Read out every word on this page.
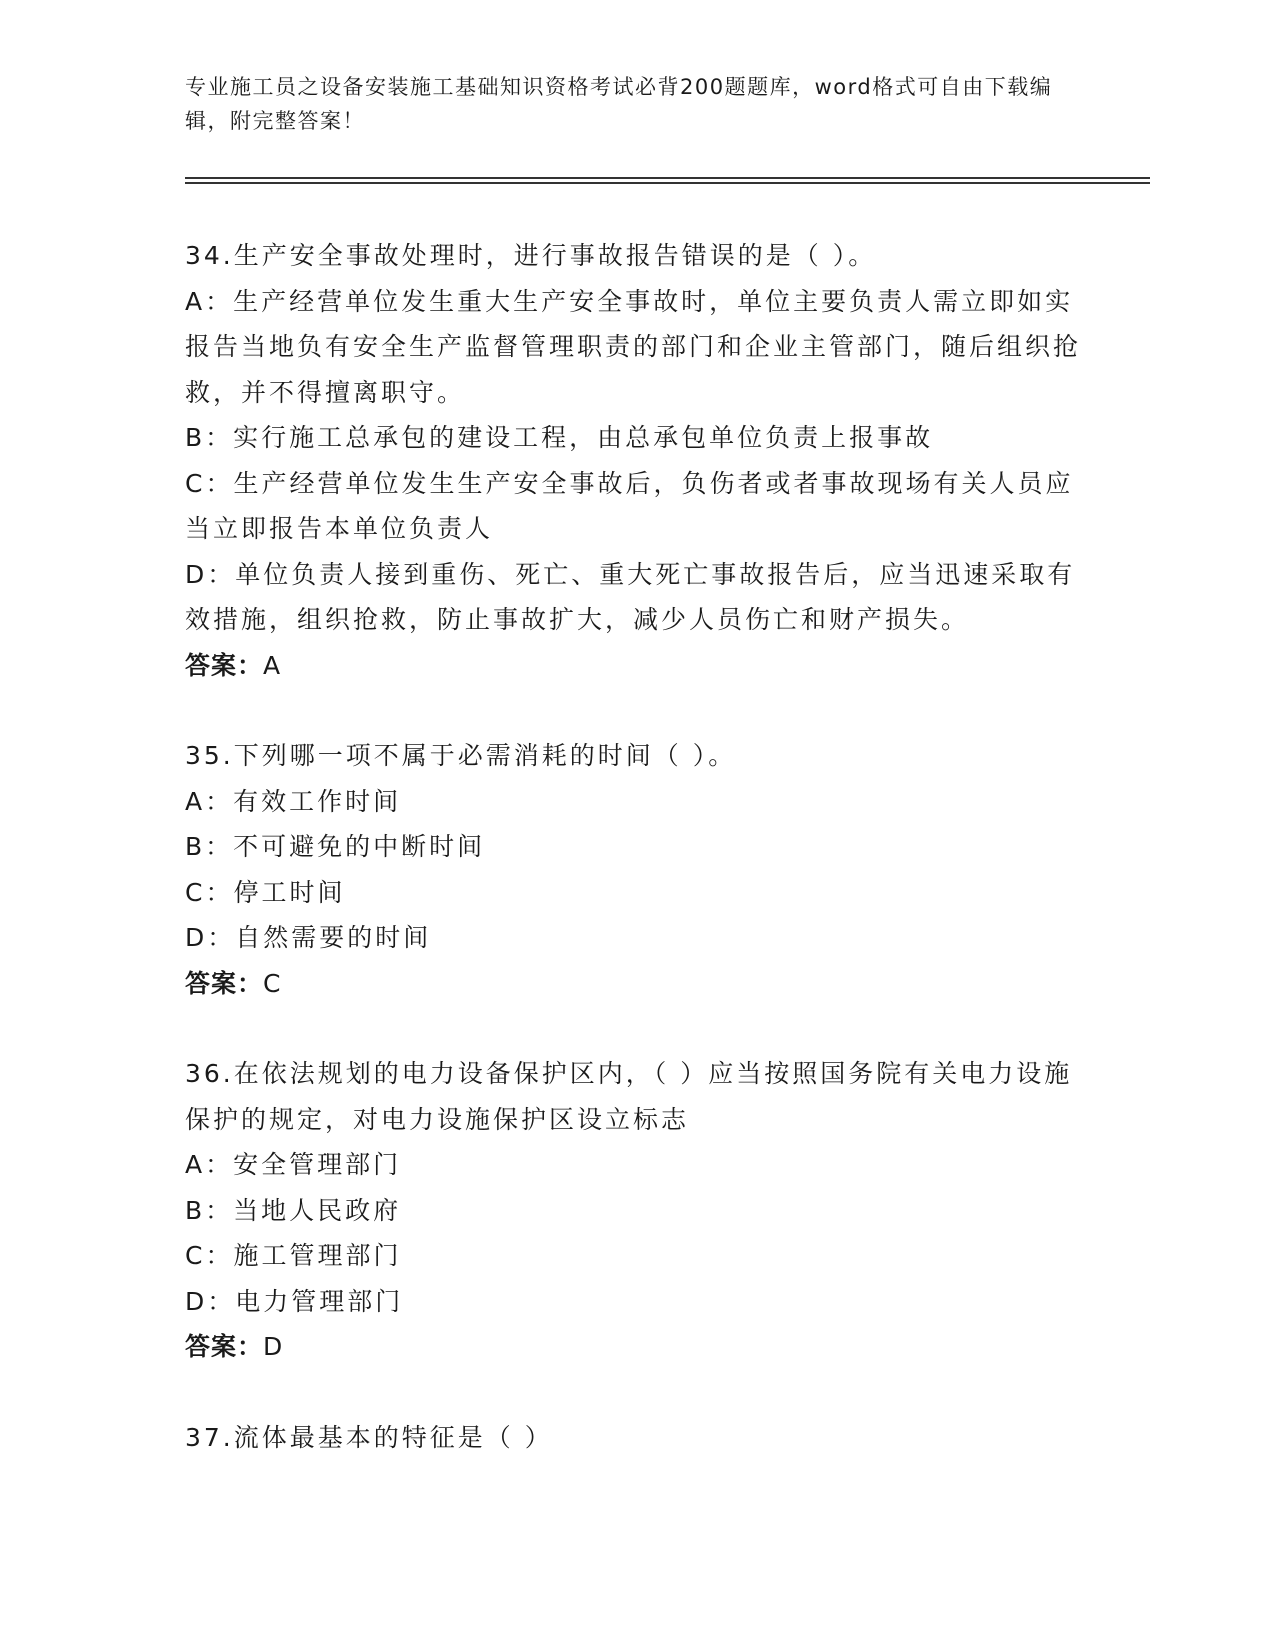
专业施工员之设备安装施工基础知识资格考试必背200题题库，word格式可自由下载编辑，附完整答案！
34.生产安全事故处理时，进行事故报告错误的是（ ）。
A：生产经营单位发生重大生产安全事故时，单位主要负责人需立即如实报告当地负有安全生产监督管理职责的部门和企业主管部门，随后组织抢救，并不得擅离职守。
B：实行施工总承包的建设工程，由总承包单位负责上报事故
C：生产经营单位发生生产安全事故后，负伤者或者事故现场有关人员应当立即报告本单位负责人
D：单位负责人接到重伤、死亡、重大死亡事故报告后，应当迅速采取有效措施，组织抢救，防止事故扩大，减少人员伤亡和财产损失。
答案：A
35.下列哪一项不属于必需消耗的时间（ ）。
A：有效工作时间
B：不可避免的中断时间
C：停工时间
D：自然需要的时间
答案：C
36.在依法规划的电力设备保护区内，（ ）应当按照国务院有关电力设施保护的规定，对电力设施保护区设立标志
A：安全管理部门
B：当地人民政府
C：施工管理部门
D：电力管理部门
答案：D
37.流体最基本的特征是（ ）
